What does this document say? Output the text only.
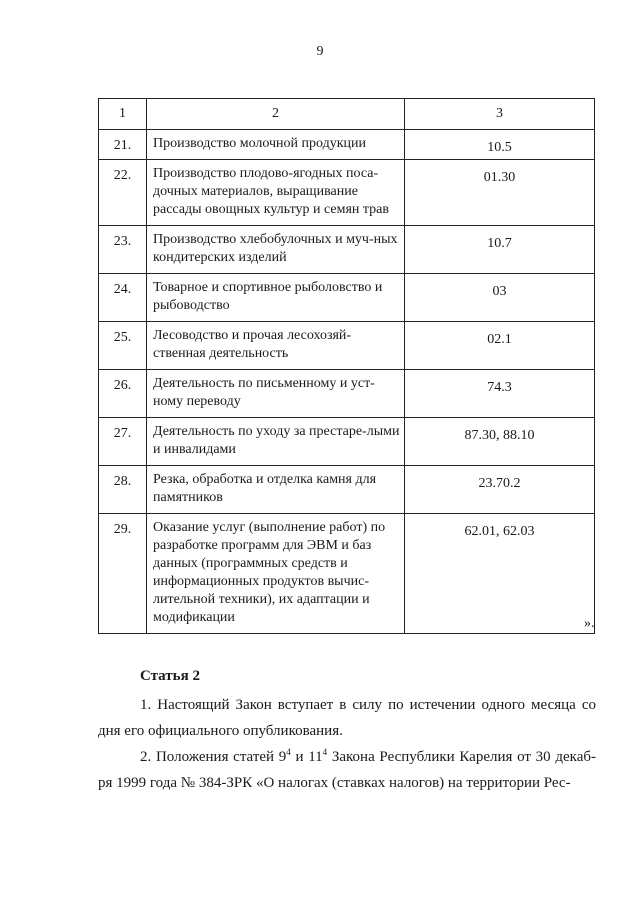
9
1	2	3
21.	Производство молочной продукции	10.5
22.	Производство плодово-ягодных поса-дочных материалов, выращивание рассады овощных культур и семян трав	01.30
23.	Производство хлебобулочных и муч-ных кондитерских изделий	10.7
24.	Товарное и спортивное рыболовство и рыбоводство	03
25.	Лесоводство и прочая лесохозяй-ственная деятельность	02.1
26.	Деятельность по письменному и уст-ному переводу	74.3
27.	Деятельность по уходу за престаре-лыми и инвалидами	87.30, 88.10
28.	Резка, обработка и отделка камня для памятников	23.70.2
29.	Оказание услуг (выполнение работ) по разработке программ для ЭВМ и баз данных (программных средств и информационных продуктов вычис-лительной техники), их адаптации и модификации	62.01, 62.03
».
Статья 2
1. Настоящий Закон вступает в силу по истечении одного месяца со дня его официального опубликования.
2. Положения статей $9^4$ и $11^4$ Закона Республики Карелия от 30 декаб-ря 1999 года № 384-ЗРК «О налогах (ставках налогов) на территории Рес-
